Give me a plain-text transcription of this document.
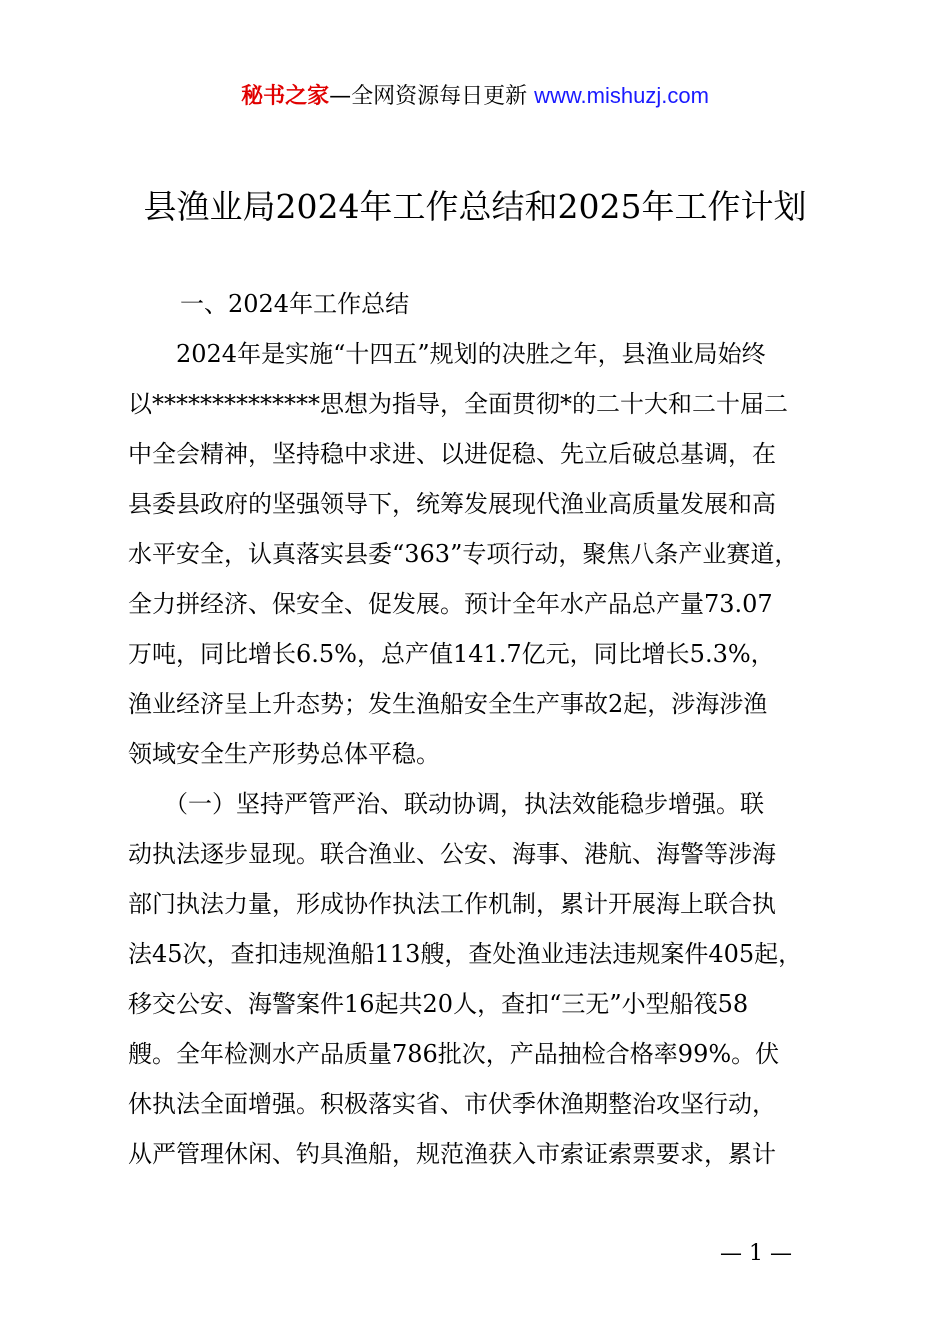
秘书之家—全网资源每日更新 www.mishuzj.com
县渔业局2024年工作总结和2025年工作计划
一、2024年工作总结
　　2024年是实施“十四五”规划的决胜之年，县渔业局始终
以**************思想为指导，全面贯彻*的二十大和二十届二
中全会精神，坚持稳中求进、以进促稳、先立后破总基调，在
县委县政府的坚强领导下，统筹发展现代渔业高质量发展和高
水平安全，认真落实县委“363”专项行动，聚焦八条产业赛道，
全力拼经济、保安全、促发展。预计全年水产品总产量73.07
万吨，同比增长6.5%，总产值141.7亿元，同比增长5.3%，
渔业经济呈上升态势；发生渔船安全生产事故2起，涉海涉渔
领域安全生产形势总体平稳。
　　（一）坚持严管严治、联动协调，执法效能稳步增强。联
动执法逐步显现。联合渔业、公安、海事、港航、海警等涉海
部门执法力量，形成协作执法工作机制，累计开展海上联合执
法45次，查扣违规渔船113艘，查处渔业违法违规案件405起，
移交公安、海警案件16起共20人，查扣“三无”小型船筏58
艘。全年检测水产品质量786批次，产品抽检合格率99%。伏
休执法全面增强。积极落实省、市伏季休渔期整治攻坚行动，
从严管理休闲、钓具渔船，规范渔获入市索证索票要求，累计
— 1 —
